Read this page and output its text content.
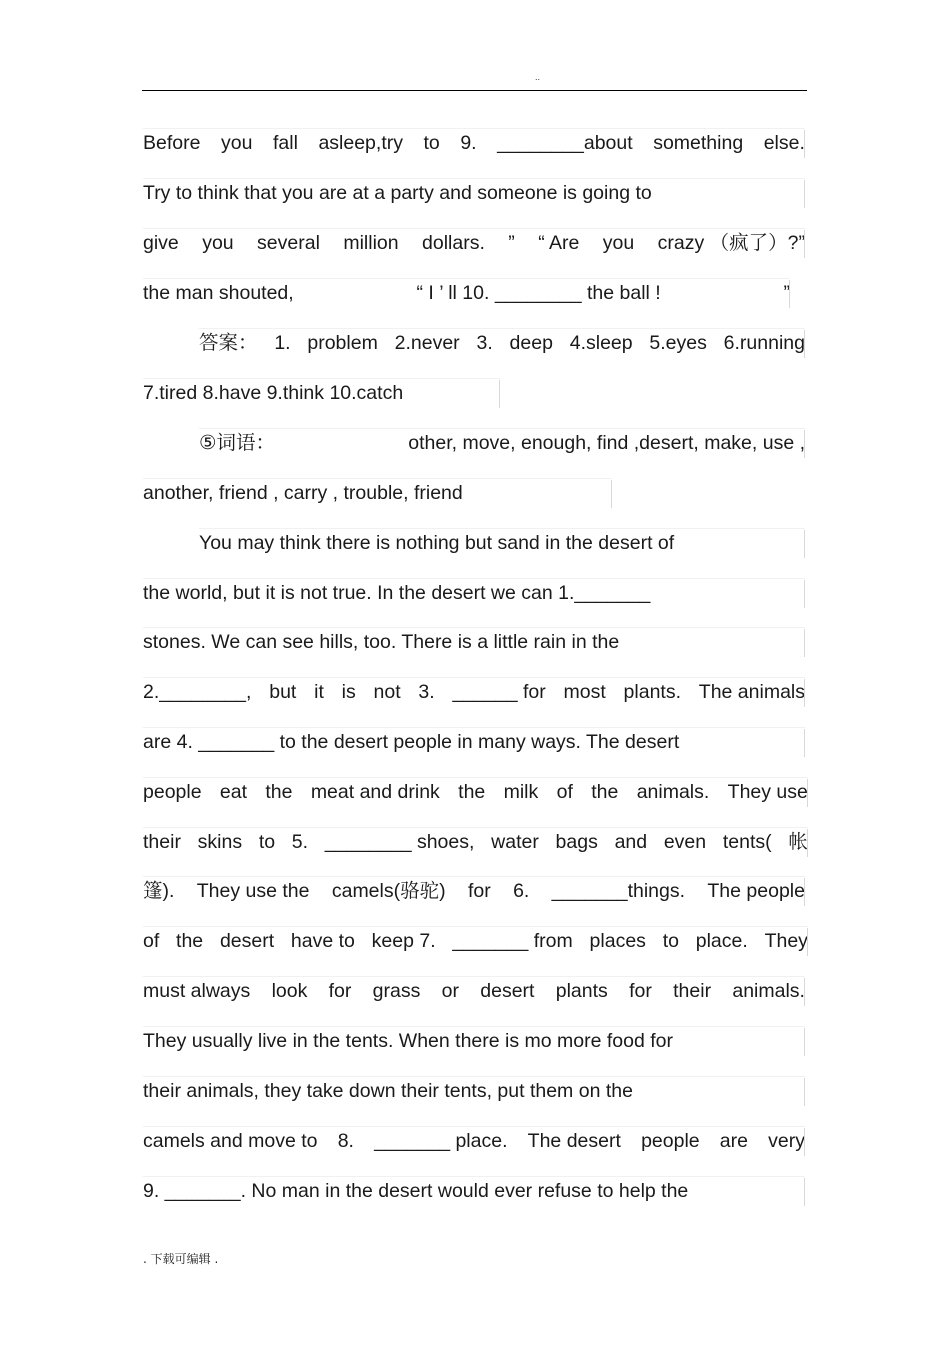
..
Before you fall asleep,try to 9. ________about something else.
Try to think that you are at a party and someone is going to
give you several million dollars. ” “ Are you crazy （疯了）?”
the man shouted,	“ I ’ ll 10. ________ the ball !	”
答案： 1. problem 2.never 3. deep 4.sleep 5.eyes 6.running
7.tired 8.have 9.think 10.catch
⑤词语：	other, move, enough, find ,desert, make, use ,
another, friend , carry , trouble, friend
You may think there is nothing but sand in the desert of
the world, but it is not true. In the desert we can 1._______
stones. We can see hills, too. There is a little rain in the
2.________, but it is not 3. ______ for most plants. The animals
are 4. _______ to the desert people in many ways. The desert
people eat the meat and drink the milk of the animals. They use
their skins to 5. ________ shoes, water bags and even tents( 帐
篷). They use the camels(骆驼) for 6. _______things. The people
of the desert have to keep 7. _______ from places to place. They
must always look for grass or desert plants for their animals.
They usually live in the tents. When there is mo more food for
their animals, they take down their tents, put them on the
camels and move to 8. _______ place. The desert people are very
9. _______. No man in the desert would ever refuse to help the
. 下载可编辑 .
